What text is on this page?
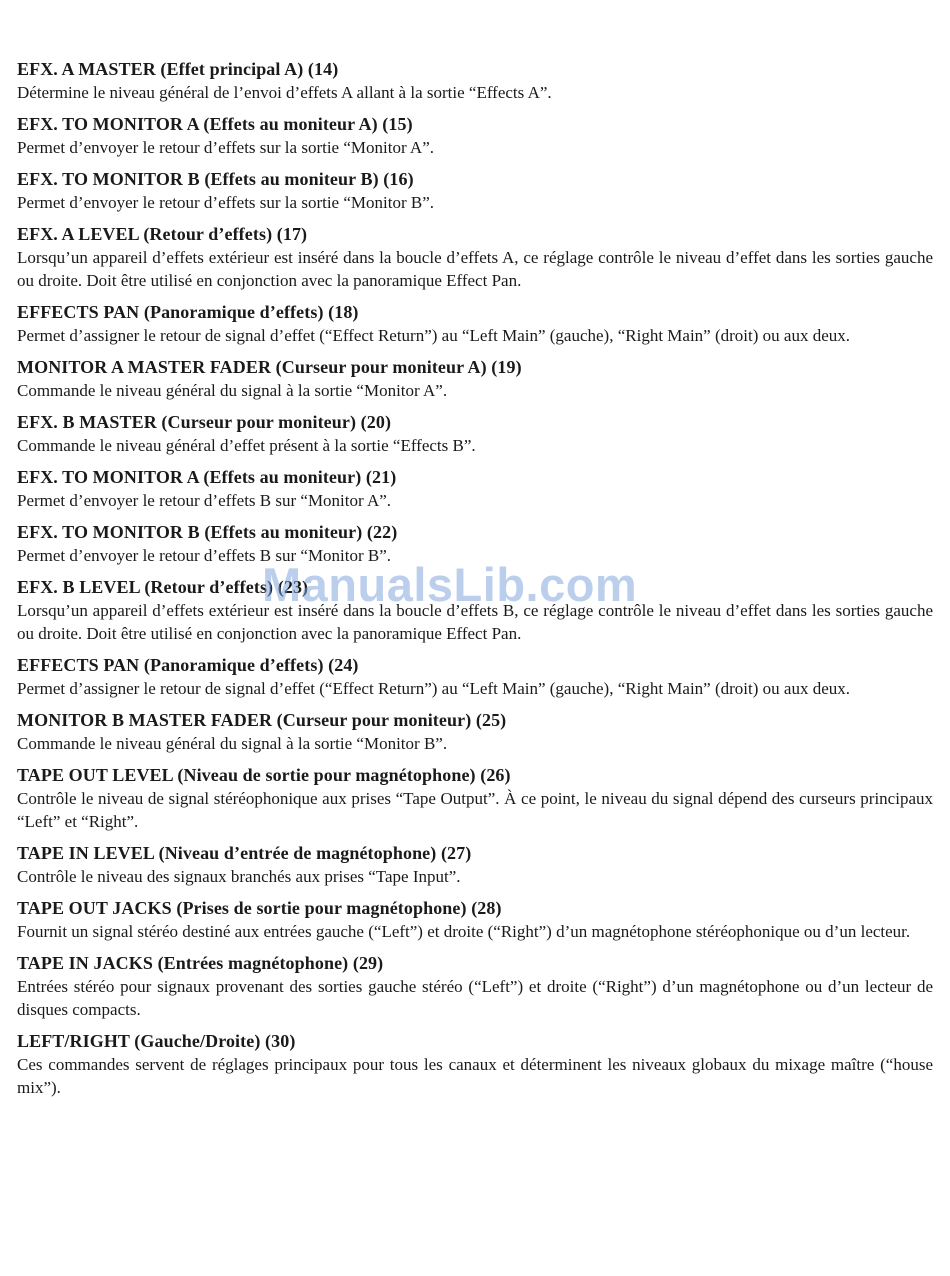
EFX. A MASTER (Effet principal A) (14)
Détermine le niveau général de l’envoi d’effets A allant à la sortie “Effects A”.
EFX. TO MONITOR A (Effets au moniteur A) (15)
Permet d’envoyer le retour d’effets sur la sortie “Monitor A”.
EFX. TO MONITOR B (Effets au moniteur B) (16)
Permet d’envoyer le retour d’effets sur la sortie “Monitor B”.
EFX. A LEVEL (Retour d’effets) (17)
Lorsqu’un appareil d’effets extérieur est inséré dans la boucle d’effets A, ce réglage contrôle le niveau d’effet dans les sorties gauche ou droite. Doit être utilisé en conjonction avec la panoramique Effect Pan.
EFFECTS PAN (Panoramique d’effets) (18)
Permet d’assigner le retour de signal d’effet (“Effect Return”) au “Left Main” (gauche), “Right Main” (droit) ou aux deux.
MONITOR A MASTER FADER (Curseur pour moniteur A) (19)
Commande le niveau général du signal à la sortie “Monitor A”.
EFX. B MASTER (Curseur pour moniteur) (20)
Commande le niveau général d’effet présent à la sortie “Effects B”.
EFX. TO MONITOR A (Effets au moniteur) (21)
Permet d’envoyer le retour d’effets B sur “Monitor A”.
EFX. TO MONITOR B (Effets au moniteur) (22)
Permet d’envoyer le retour d’effets B sur “Monitor B”.
EFX. B LEVEL (Retour d’effets) (23)
Lorsqu’un appareil d’effets extérieur est inséré dans la boucle d’effets B, ce réglage contrôle le niveau d’effet dans les sorties gauche ou droite. Doit être utilisé en conjonction avec la panoramique Effect Pan.
EFFECTS PAN (Panoramique d’effets) (24)
Permet d’assigner le retour de signal d’effet (“Effect Return”) au “Left Main” (gauche), “Right Main” (droit) ou aux deux.
MONITOR B MASTER FADER (Curseur pour moniteur) (25)
Commande le niveau général du signal à la sortie “Monitor B”.
TAPE OUT LEVEL (Niveau de sortie pour magnétophone) (26)
Contrôle le niveau de signal stéréophonique aux prises “Tape Output”. À ce point, le niveau du signal dépend des curseurs principaux “Left” et “Right”.
TAPE IN LEVEL (Niveau d’entrée de magnétophone) (27)
Contrôle le niveau des signaux branchés aux prises “Tape Input”.
TAPE OUT JACKS (Prises de sortie pour magnétophone) (28)
Fournit un signal stéréo destiné aux entrées gauche (“Left”) et droite (“Right”) d’un magnétophone stéréophonique ou d’un lecteur.
TAPE IN JACKS (Entrées magnétophone) (29)
Entrées stéréo pour signaux provenant des sorties gauche stéréo (“Left”) et droite (“Right”) d’un magnétophone ou d’un lecteur de disques compacts.
LEFT/RIGHT (Gauche/Droite) (30)
Ces commandes servent de réglages principaux pour tous les canaux et déterminent les niveaux globaux du mixage maître (“house mix”).
ManualsLib.com
